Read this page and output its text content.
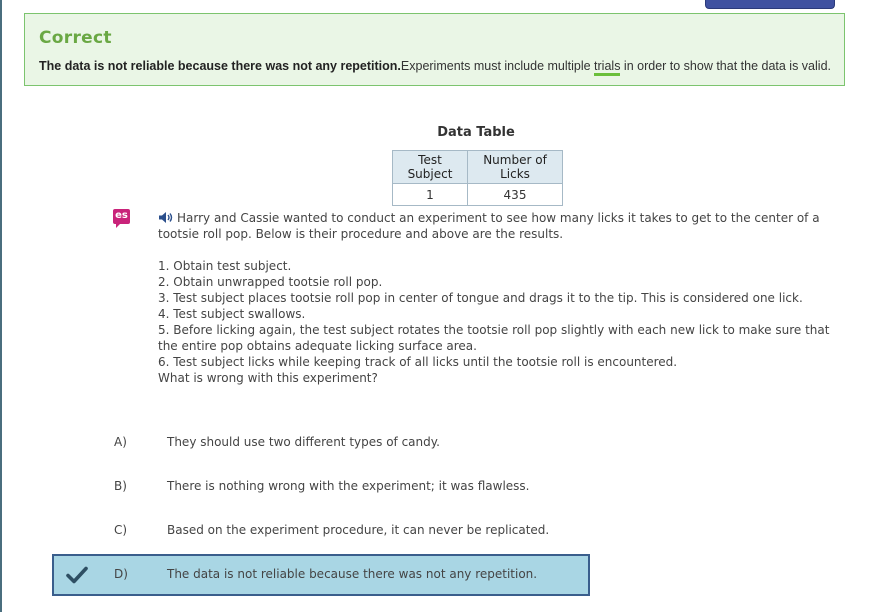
Correct
The data is not reliable because there was not any repetition.Experiments must include multiple trials in order to show that the data is valid.
Data Table
Test Subject	Number of Licks
1	435
es	Harry and Cassie wanted to conduct an experiment to see how many licks it takes to get to the center of a tootsie roll pop. Below is their procedure and above are the results.

1. Obtain test subject.

2. Obtain unwrapped tootsie roll pop.

3. Test subject places tootsie roll pop in center of tongue and drags it to the tip. This is considered one lick.

4. Test subject swallows.

5. Before licking again, the test subject rotates the tootsie roll pop slightly with each new lick to make sure that the entire pop obtains adequate licking surface area.

6. Test subject licks while keeping track of all licks until the tootsie roll is encountered.

What is wrong with this experiment?

A)	They should use two different types of candy.
B)	There is nothing wrong with the experiment; it was flawless.
C)	Based on the experiment procedure, it can never be replicated.
D)	The data is not reliable because there was not any repetition.
